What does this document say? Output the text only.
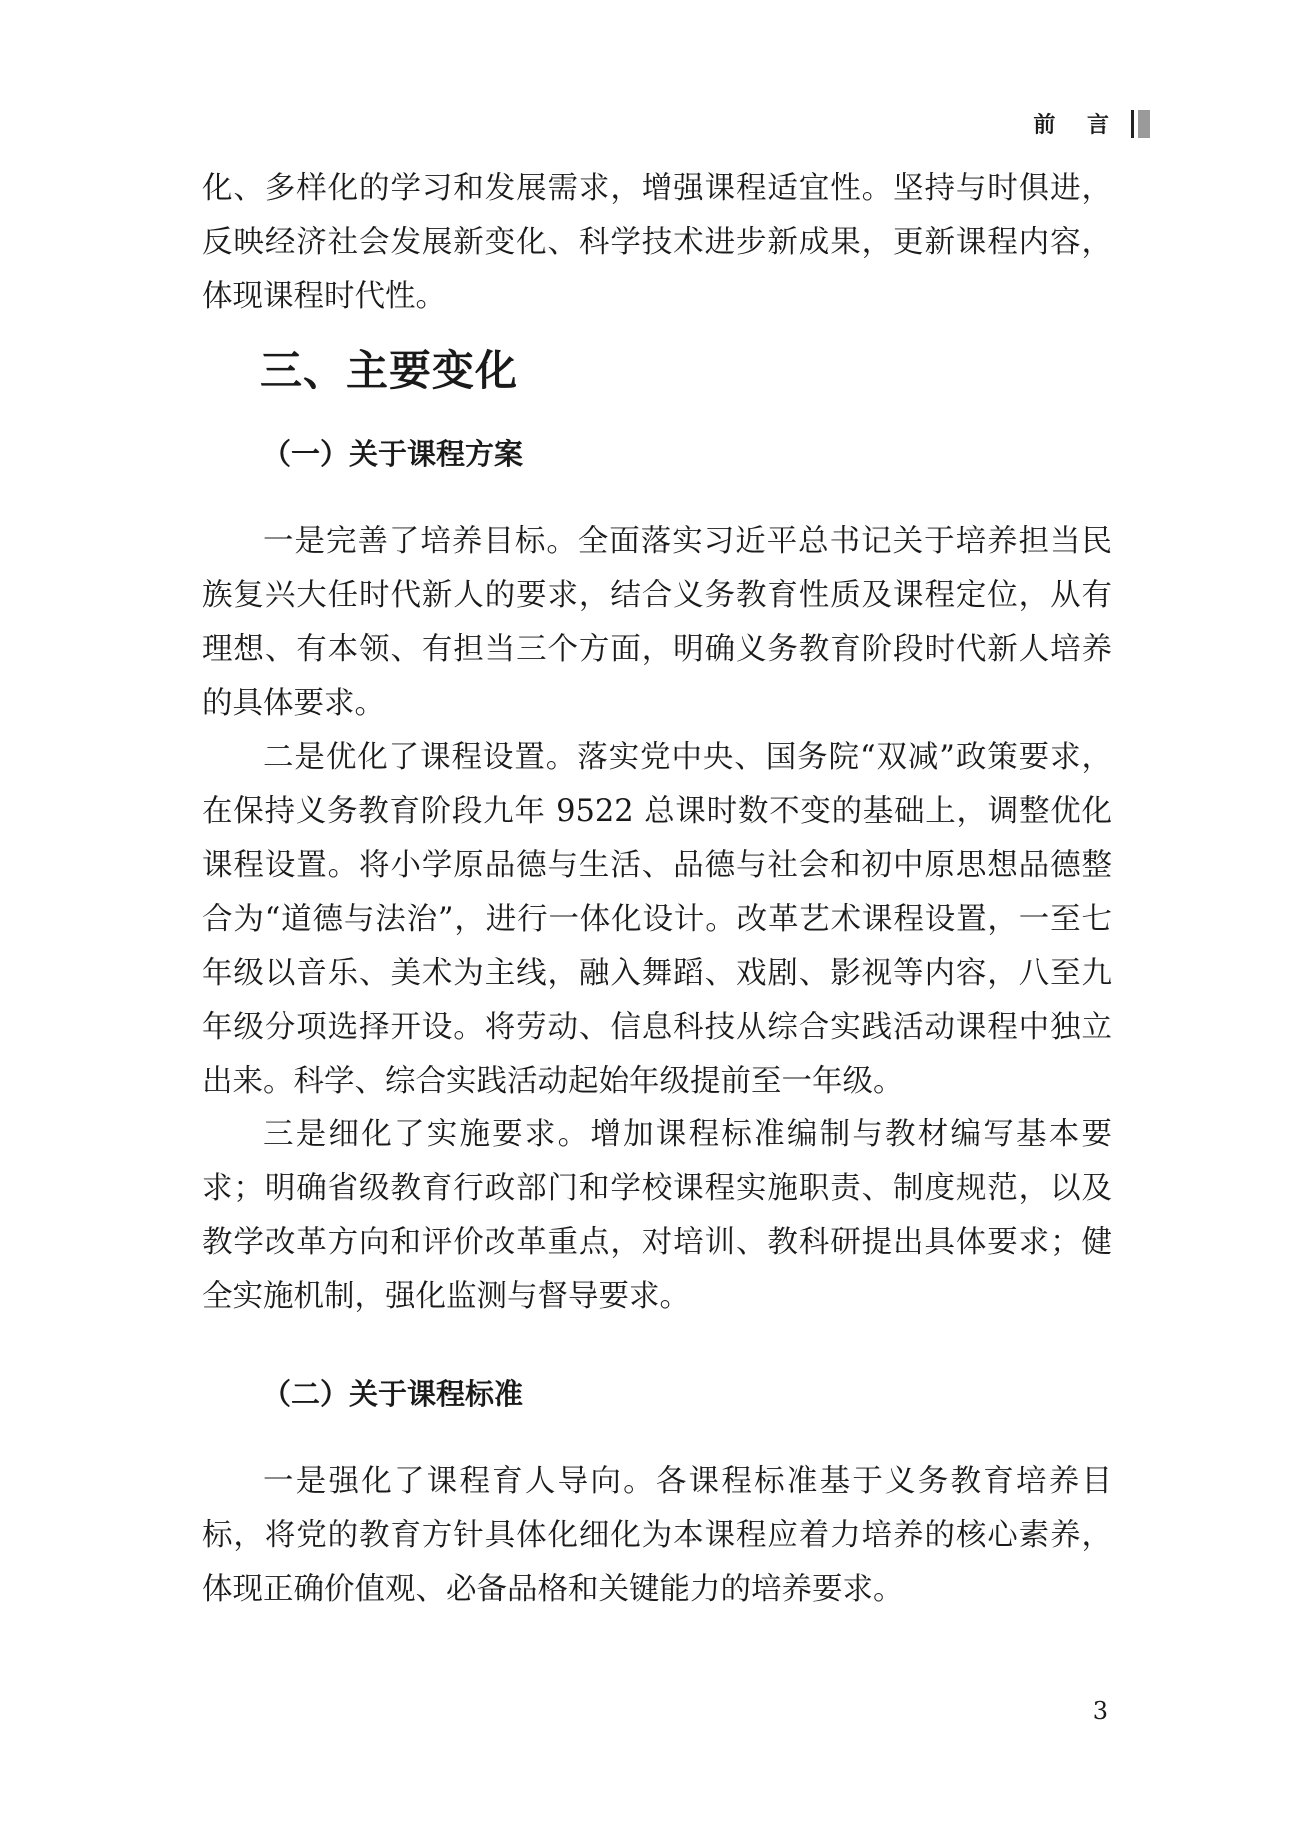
前 言

化、多样化的学习和发展需求，增强课程适宜性。坚持与时俱进，反映经济社会发展新变化、科学技术进步新成果，更新课程内容，体现课程时代性。

三、主要变化
（一）关于课程方案

一是完善了培养目标。全面落实习近平总书记关于培养担当民族复兴大任时代新人的要求，结合义务教育性质及课程定位，从有理想、有本领、有担当三个方面，明确义务教育阶段时代新人培养的具体要求。

二是优化了课程设置。落实党中央、国务院“双减”政策要求，在保持义务教育阶段九年 9522 总课时数不变的基础上，调整优化课程设置。将小学原品德与生活、品德与社会和初中原思想品德整合为“道德与法治”，进行一体化设计。改革艺术课程设置，一至七年级以音乐、美术为主线，融入舞蹈、戏剧、影视等内容，八至九年级分项选择开设。将劳动、信息科技从综合实践活动课程中独立出来。科学、综合实践活动起始年级提前至一年级。

三是细化了实施要求。增加课程标准编制与教材编写基本要求；明确省级教育行政部门和学校课程实施职责、制度规范，以及教学改革方向和评价改革重点，对培训、教科研提出具体要求；健全实施机制，强化监测与督导要求。

（二）关于课程标准

一是强化了课程育人导向。各课程标准基于义务教育培养目标，将党的教育方针具体化细化为本课程应着力培养的核心素养，体现正确价值观、必备品格和关键能力的培养要求。

3
